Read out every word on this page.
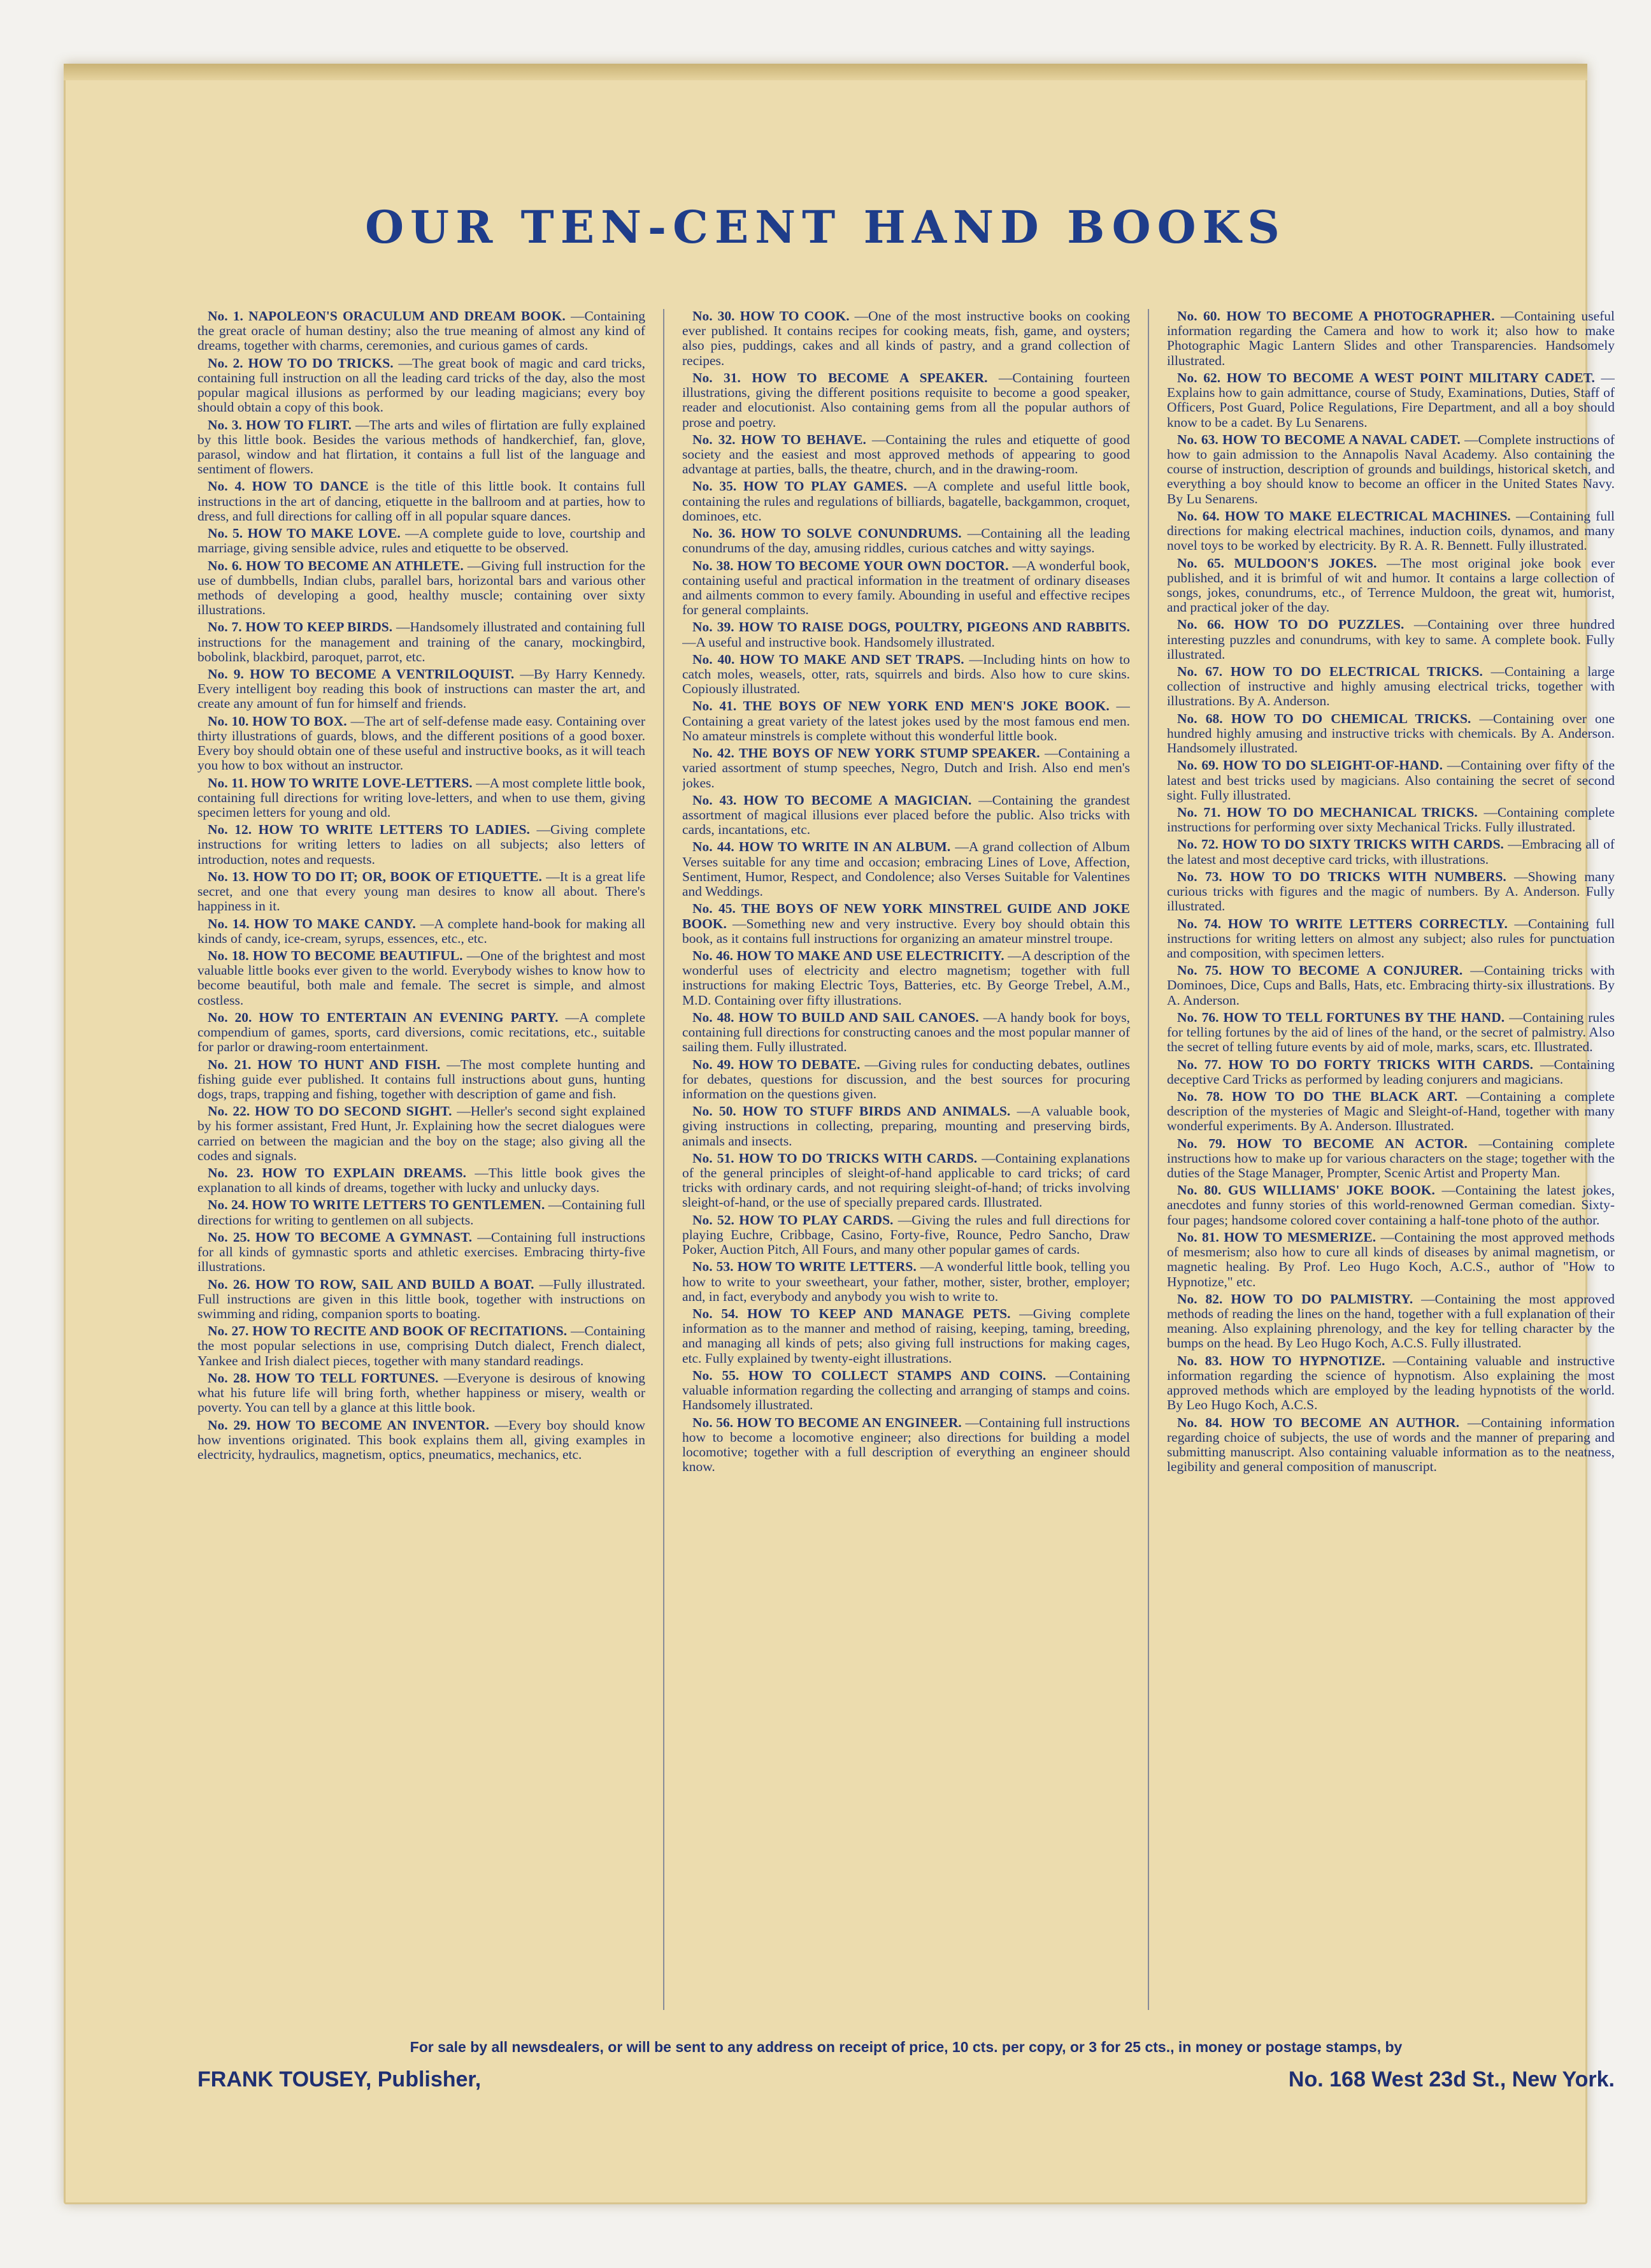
OUR TEN-CENT HAND BOOKS

No. 1. NAPOLEON'S ORACULUM AND DREAM BOOK. —Containing the great oracle of human destiny; also the true meaning of almost any kind of dreams, together with charms, ceremonies, and curious games of cards.

No. 2. HOW TO DO TRICKS. —The great book of magic and card tricks, containing full instruction on all the leading card tricks of the day, also the most popular magical illusions as performed by our leading magicians; every boy should obtain a copy of this book.

No. 3. HOW TO FLIRT. —The arts and wiles of flirtation are fully explained by this little book. Besides the various methods of handkerchief, fan, glove, parasol, window and hat flirtation, it contains a full list of the language and sentiment of flowers.

No. 4. HOW TO DANCE is the title of this little book. It contains full instructions in the art of dancing, etiquette in the ballroom and at parties, how to dress, and full directions for calling off in all popular square dances.

No. 5. HOW TO MAKE LOVE. —A complete guide to love, courtship and marriage, giving sensible advice, rules and etiquette to be observed.

No. 6. HOW TO BECOME AN ATHLETE. —Giving full instruction for the use of dumbbells, Indian clubs, parallel bars, horizontal bars and various other methods of developing a good, healthy muscle; containing over sixty illustrations.

No. 7. HOW TO KEEP BIRDS. —Handsomely illustrated and containing full instructions for the management and training of the canary, mockingbird, bobolink, blackbird, paroquet, parrot, etc.

No. 9. HOW TO BECOME A VENTRILOQUIST. —By Harry Kennedy. Every intelligent boy reading this book of instructions can master the art, and create any amount of fun for himself and friends.

No. 10. HOW TO BOX. —The art of self-defense made easy. Containing over thirty illustrations of guards, blows, and the different positions of a good boxer. Every boy should obtain one of these useful and instructive books, as it will teach you how to box without an instructor.

No. 11. HOW TO WRITE LOVE-LETTERS. —A most complete little book, containing full directions for writing love-letters, and when to use them, giving specimen letters for young and old.

No. 12. HOW TO WRITE LETTERS TO LADIES. —Giving complete instructions for writing letters to ladies on all subjects; also letters of introduction, notes and requests.

No. 13. HOW TO DO IT; OR, BOOK OF ETIQUETTE. —It is a great life secret, and one that every young man desires to know all about. There's happiness in it.

No. 14. HOW TO MAKE CANDY. —A complete hand-book for making all kinds of candy, ice-cream, syrups, essences, etc., etc.

No. 18. HOW TO BECOME BEAUTIFUL. —One of the brightest and most valuable little books ever given to the world. Everybody wishes to know how to become beautiful, both male and female. The secret is simple, and almost costless.

No. 20. HOW TO ENTERTAIN AN EVENING PARTY. —A complete compendium of games, sports, card diversions, comic recitations, etc., suitable for parlor or drawing-room entertainment.

No. 21. HOW TO HUNT AND FISH. —The most complete hunting and fishing guide ever published. It contains full instructions about guns, hunting dogs, traps, trapping and fishing, together with description of game and fish.

No. 22. HOW TO DO SECOND SIGHT. —Heller's second sight explained by his former assistant, Fred Hunt, Jr. Explaining how the secret dialogues were carried on between the magician and the boy on the stage; also giving all the codes and signals.

No. 23. HOW TO EXPLAIN DREAMS. —This little book gives the explanation to all kinds of dreams, together with lucky and unlucky days.

No. 24. HOW TO WRITE LETTERS TO GENTLEMEN. —Containing full directions for writing to gentlemen on all subjects.

No. 25. HOW TO BECOME A GYMNAST. —Containing full instructions for all kinds of gymnastic sports and athletic exercises. Embracing thirty-five illustrations.

No. 26. HOW TO ROW, SAIL AND BUILD A BOAT. —Fully illustrated. Full instructions are given in this little book, together with instructions on swimming and riding, companion sports to boating.

No. 27. HOW TO RECITE AND BOOK OF RECITATIONS. —Containing the most popular selections in use, comprising Dutch dialect, French dialect, Yankee and Irish dialect pieces, together with many standard readings.

No. 28. HOW TO TELL FORTUNES. —Everyone is desirous of knowing what his future life will bring forth, whether happiness or misery, wealth or poverty. You can tell by a glance at this little book.

No. 29. HOW TO BECOME AN INVENTOR. —Every boy should know how inventions originated. This book explains them all, giving examples in electricity, hydraulics, magnetism, optics, pneumatics, mechanics, etc.

No. 30. HOW TO COOK. —One of the most instructive books on cooking ever published. It contains recipes for cooking meats, fish, game, and oysters; also pies, puddings, cakes and all kinds of pastry, and a grand collection of recipes.

No. 31. HOW TO BECOME A SPEAKER. —Containing fourteen illustrations, giving the different positions requisite to become a good speaker, reader and elocutionist. Also containing gems from all the popular authors of prose and poetry.

No. 32. HOW TO BEHAVE. —Containing the rules and etiquette of good society and the easiest and most approved methods of appearing to good advantage at parties, balls, the theatre, church, and in the drawing-room.

No. 35. HOW TO PLAY GAMES. —A complete and useful little book, containing the rules and regulations of billiards, bagatelle, backgammon, croquet, dominoes, etc.

No. 36. HOW TO SOLVE CONUNDRUMS. —Containing all the leading conundrums of the day, amusing riddles, curious catches and witty sayings.

No. 38. HOW TO BECOME YOUR OWN DOCTOR. —A wonderful book, containing useful and practical information in the treatment of ordinary diseases and ailments common to every family. Abounding in useful and effective recipes for general complaints.

No. 39. HOW TO RAISE DOGS, POULTRY, PIGEONS AND RABBITS. —A useful and instructive book. Handsomely illustrated.

No. 40. HOW TO MAKE AND SET TRAPS. —Including hints on how to catch moles, weasels, otter, rats, squirrels and birds. Also how to cure skins. Copiously illustrated.

No. 41. THE BOYS OF NEW YORK END MEN'S JOKE BOOK. —Containing a great variety of the latest jokes used by the most famous end men. No amateur minstrels is complete without this wonderful little book.

No. 42. THE BOYS OF NEW YORK STUMP SPEAKER. —Containing a varied assortment of stump speeches, Negro, Dutch and Irish. Also end men's jokes.

No. 43. HOW TO BECOME A MAGICIAN. —Containing the grandest assortment of magical illusions ever placed before the public. Also tricks with cards, incantations, etc.

No. 44. HOW TO WRITE IN AN ALBUM. —A grand collection of Album Verses suitable for any time and occasion; embracing Lines of Love, Affection, Sentiment, Humor, Respect, and Condolence; also Verses Suitable for Valentines and Weddings.

No. 45. THE BOYS OF NEW YORK MINSTREL GUIDE AND JOKE BOOK. —Something new and very instructive. Every boy should obtain this book, as it contains full instructions for organizing an amateur minstrel troupe.

No. 46. HOW TO MAKE AND USE ELECTRICITY. —A description of the wonderful uses of electricity and electro magnetism; together with full instructions for making Electric Toys, Batteries, etc. By George Trebel, A.M., M.D. Containing over fifty illustrations.

No. 48. HOW TO BUILD AND SAIL CANOES. —A handy book for boys, containing full directions for constructing canoes and the most popular manner of sailing them. Fully illustrated.

No. 49. HOW TO DEBATE. —Giving rules for conducting debates, outlines for debates, questions for discussion, and the best sources for procuring information on the questions given.

No. 50. HOW TO STUFF BIRDS AND ANIMALS. —A valuable book, giving instructions in collecting, preparing, mounting and preserving birds, animals and insects.

No. 51. HOW TO DO TRICKS WITH CARDS. —Containing explanations of the general principles of sleight-of-hand applicable to card tricks; of card tricks with ordinary cards, and not requiring sleight-of-hand; of tricks involving sleight-of-hand, or the use of specially prepared cards. Illustrated.

No. 52. HOW TO PLAY CARDS. —Giving the rules and full directions for playing Euchre, Cribbage, Casino, Forty-five, Rounce, Pedro Sancho, Draw Poker, Auction Pitch, All Fours, and many other popular games of cards.

No. 53. HOW TO WRITE LETTERS. —A wonderful little book, telling you how to write to your sweetheart, your father, mother, sister, brother, employer; and, in fact, everybody and anybody you wish to write to.

No. 54. HOW TO KEEP AND MANAGE PETS. —Giving complete information as to the manner and method of raising, keeping, taming, breeding, and managing all kinds of pets; also giving full instructions for making cages, etc. Fully explained by twenty-eight illustrations.

No. 55. HOW TO COLLECT STAMPS AND COINS. —Containing valuable information regarding the collecting and arranging of stamps and coins. Handsomely illustrated.

No. 56. HOW TO BECOME AN ENGINEER. —Containing full instructions how to become a locomotive engineer; also directions for building a model locomotive; together with a full description of everything an engineer should know.

No. 60. HOW TO BECOME A PHOTOGRAPHER. —Containing useful information regarding the Camera and how to work it; also how to make Photographic Magic Lantern Slides and other Transparencies. Handsomely illustrated.

No. 62. HOW TO BECOME A WEST POINT MILITARY CADET. —Explains how to gain admittance, course of Study, Examinations, Duties, Staff of Officers, Post Guard, Police Regulations, Fire Department, and all a boy should know to be a cadet. By Lu Senarens.

No. 63. HOW TO BECOME A NAVAL CADET. —Complete instructions of how to gain admission to the Annapolis Naval Academy. Also containing the course of instruction, description of grounds and buildings, historical sketch, and everything a boy should know to become an officer in the United States Navy. By Lu Senarens.

No. 64. HOW TO MAKE ELECTRICAL MACHINES. —Containing full directions for making electrical machines, induction coils, dynamos, and many novel toys to be worked by electricity. By R. A. R. Bennett. Fully illustrated.

No. 65. MULDOON'S JOKES. —The most original joke book ever published, and it is brimful of wit and humor. It contains a large collection of songs, jokes, conundrums, etc., of Terrence Muldoon, the great wit, humorist, and practical joker of the day.

No. 66. HOW TO DO PUZZLES. —Containing over three hundred interesting puzzles and conundrums, with key to same. A complete book. Fully illustrated.

No. 67. HOW TO DO ELECTRICAL TRICKS. —Containing a large collection of instructive and highly amusing electrical tricks, together with illustrations. By A. Anderson.

No. 68. HOW TO DO CHEMICAL TRICKS. —Containing over one hundred highly amusing and instructive tricks with chemicals. By A. Anderson. Handsomely illustrated.

No. 69. HOW TO DO SLEIGHT-OF-HAND. —Containing over fifty of the latest and best tricks used by magicians. Also containing the secret of second sight. Fully illustrated.

No. 71. HOW TO DO MECHANICAL TRICKS. —Containing complete instructions for performing over sixty Mechanical Tricks. Fully illustrated.

No. 72. HOW TO DO SIXTY TRICKS WITH CARDS. —Embracing all of the latest and most deceptive card tricks, with illustrations.

No. 73. HOW TO DO TRICKS WITH NUMBERS. —Showing many curious tricks with figures and the magic of numbers. By A. Anderson. Fully illustrated.

No. 74. HOW TO WRITE LETTERS CORRECTLY. —Containing full instructions for writing letters on almost any subject; also rules for punctuation and composition, with specimen letters.

No. 75. HOW TO BECOME A CONJURER. —Containing tricks with Dominoes, Dice, Cups and Balls, Hats, etc. Embracing thirty-six illustrations. By A. Anderson.

No. 76. HOW TO TELL FORTUNES BY THE HAND. —Containing rules for telling fortunes by the aid of lines of the hand, or the secret of palmistry. Also the secret of telling future events by aid of mole, marks, scars, etc. Illustrated.

No. 77. HOW TO DO FORTY TRICKS WITH CARDS. —Containing deceptive Card Tricks as performed by leading conjurers and magicians.

No. 78. HOW TO DO THE BLACK ART. —Containing a complete description of the mysteries of Magic and Sleight-of-Hand, together with many wonderful experiments. By A. Anderson. Illustrated.

No. 79. HOW TO BECOME AN ACTOR. —Containing complete instructions how to make up for various characters on the stage; together with the duties of the Stage Manager, Prompter, Scenic Artist and Property Man.

No. 80. GUS WILLIAMS' JOKE BOOK. —Containing the latest jokes, anecdotes and funny stories of this world-renowned German comedian. Sixty-four pages; handsome colored cover containing a half-tone photo of the author.

No. 81. HOW TO MESMERIZE. —Containing the most approved methods of mesmerism; also how to cure all kinds of diseases by animal magnetism, or magnetic healing. By Prof. Leo Hugo Koch, A.C.S., author of "How to Hypnotize," etc.

No. 82. HOW TO DO PALMISTRY. —Containing the most approved methods of reading the lines on the hand, together with a full explanation of their meaning. Also explaining phrenology, and the key for telling character by the bumps on the head. By Leo Hugo Koch, A.C.S. Fully illustrated.

No. 83. HOW TO HYPNOTIZE. —Containing valuable and instructive information regarding the science of hypnotism. Also explaining the most approved methods which are employed by the leading hypnotists of the world. By Leo Hugo Koch, A.C.S.

No. 84. HOW TO BECOME AN AUTHOR. —Containing information regarding choice of subjects, the use of words and the manner of preparing and submitting manuscript. Also containing valuable information as to the neatness, legibility and general composition of manuscript.

For sale by all newsdealers, or will be sent to any address on receipt of price, 10 cts. per copy, or 3 for 25 cts., in money or postage stamps, by
FRANK TOUSEY, Publisher,	No. 168 West 23d St., New York.
